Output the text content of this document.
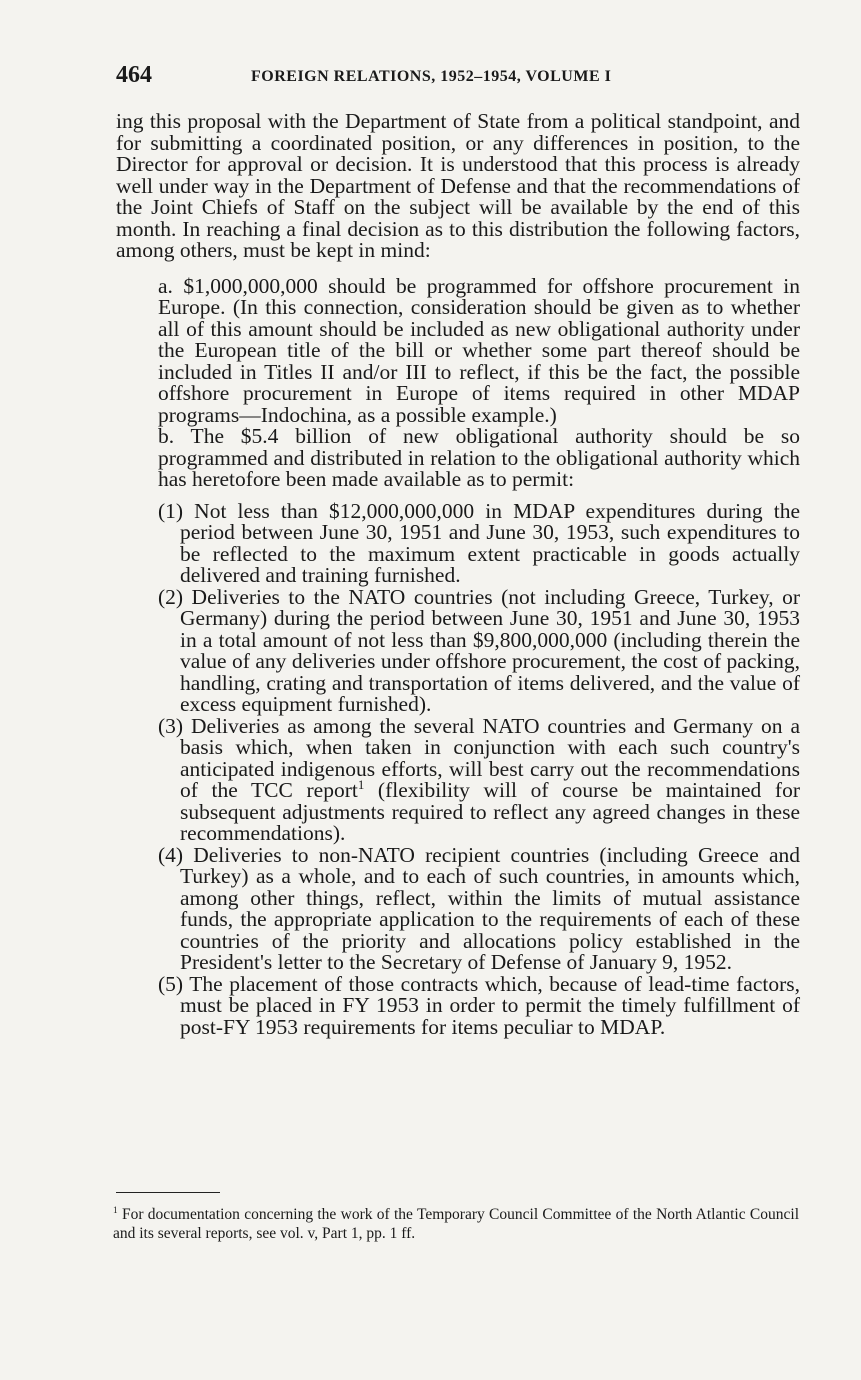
464	FOREIGN RELATIONS, 1952–1954, VOLUME I

ing this proposal with the Department of State from a political standpoint, and for submitting a coordinated position, or any differences in position, to the Director for approval or decision. It is understood that this process is already well under way in the Department of Defense and that the recommendations of the Joint Chiefs of Staff on the subject will be available by the end of this month. In reaching a final decision as to this distribution the following factors, among others, must be kept in mind:

a. $1,000,000,000 should be programmed for offshore procurement in Europe. (In this connection, consideration should be given as to whether all of this amount should be included as new obligational authority under the European title of the bill or whether some part thereof should be included in Titles II and/or III to reflect, if this be the fact, the possible offshore procurement in Europe of items required in other MDAP programs—Indochina, as a possible example.)

b. The $5.4 billion of new obligational authority should be so programmed and distributed in relation to the obligational authority which has heretofore been made available as to permit:

(1) Not less than $12,000,000,000 in MDAP expenditures during the period between June 30, 1951 and June 30, 1953, such expenditures to be reflected to the maximum extent practicable in goods actually delivered and training furnished.

(2) Deliveries to the NATO countries (not including Greece, Turkey, or Germany) during the period between June 30, 1951 and June 30, 1953 in a total amount of not less than $9,800,000,000 (including therein the value of any deliveries under offshore procurement, the cost of packing, handling, crating and transportation of items delivered, and the value of excess equipment furnished).

(3) Deliveries as among the several NATO countries and Germany on a basis which, when taken in conjunction with each such country's anticipated indigenous efforts, will best carry out the recommendations of the TCC report$^1$ (flexibility will of course be maintained for subsequent adjustments required to reflect any agreed changes in these recommendations).

(4) Deliveries to non-NATO recipient countries (including Greece and Turkey) as a whole, and to each of such countries, in amounts which, among other things, reflect, within the limits of mutual assistance funds, the appropriate application to the requirements of each of these countries of the priority and allocations policy established in the President's letter to the Secretary of Defense of January 9, 1952.

(5) The placement of those contracts which, because of lead-time factors, must be placed in FY 1953 in order to permit the timely fulfillment of post-FY 1953 requirements for items peculiar to MDAP.

$^1$ For documentation concerning the work of the Temporary Council Committee of the North Atlantic Council and its several reports, see vol. v, Part 1, pp. 1 ff.
